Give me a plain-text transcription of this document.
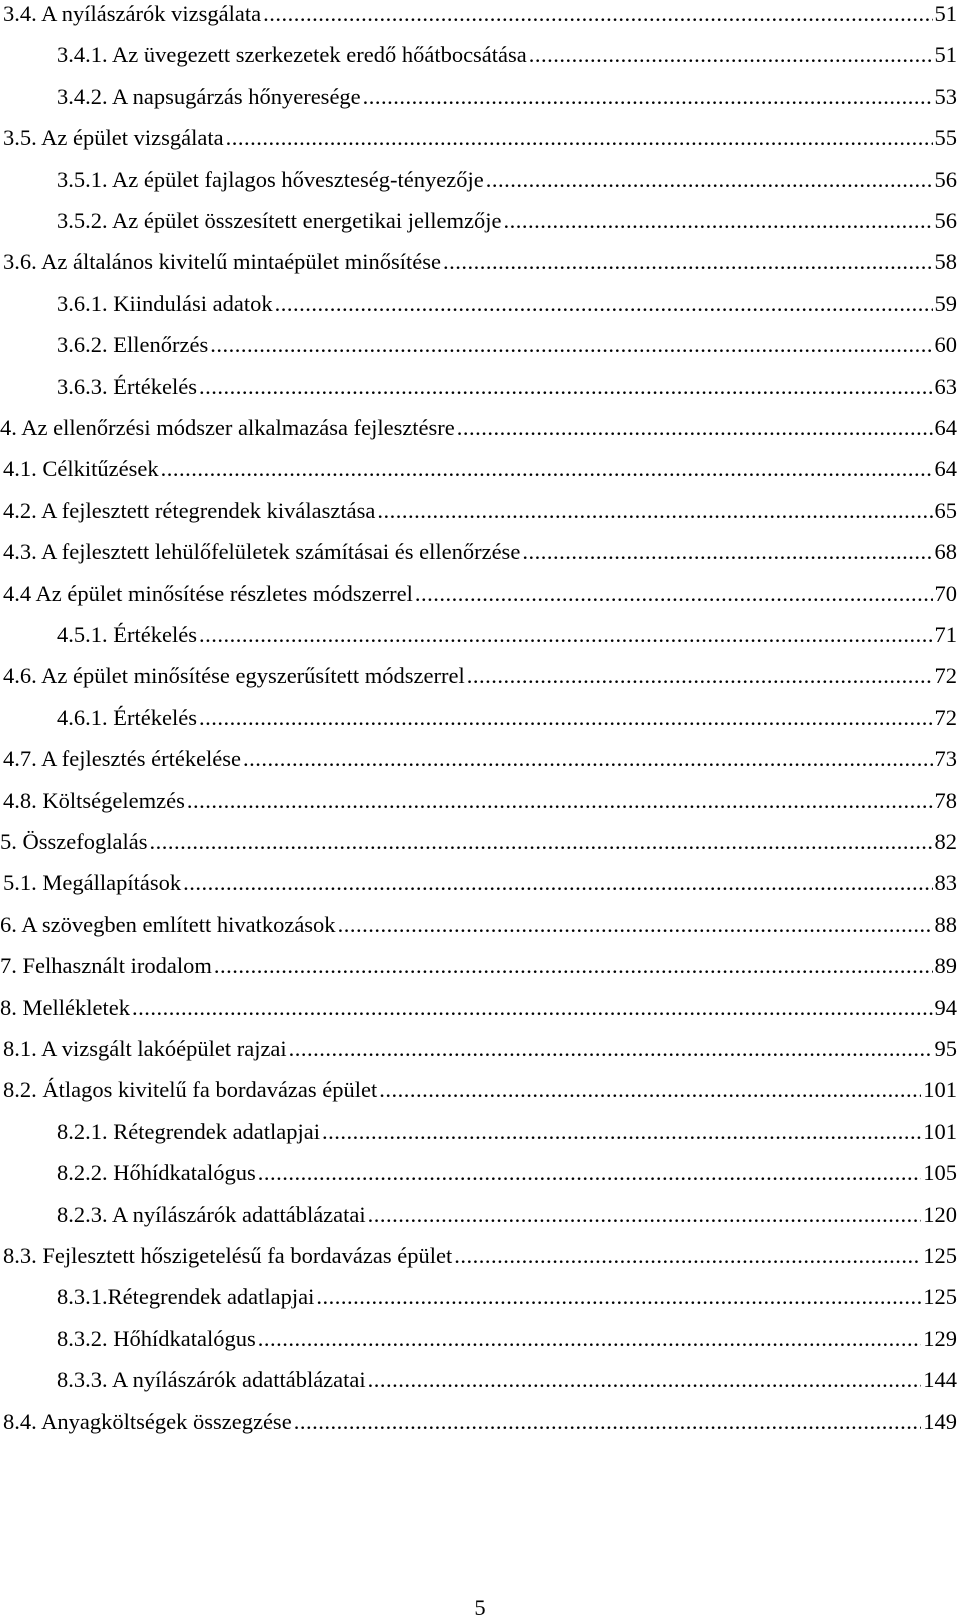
3.4. A nyílászárók vizsgálata .....	51
3.4.1. Az üvegezett szerkezetek eredő hőátbocsátása .....	51
3.4.2. A napsugárzás hőnyeresége .....	53
3.5. Az épület vizsgálata .....	55
3.5.1. Az épület fajlagos hőveszteség-tényezője .....	56
3.5.2. Az épület összesített energetikai jellemzője .....	56
3.6. Az általános kivitelű mintaépület minősítése .....	58
3.6.1. Kiindulási adatok .....	59
3.6.2. Ellenőrzés .....	60
3.6.3. Értékelés .....	63
4. Az ellenőrzési módszer alkalmazása fejlesztésre .....	64
4.1. Célkitűzések .....	64
4.2. A fejlesztett rétegrendek kiválasztása .....	65
4.3. A fejlesztett lehülőfelületek számításai és ellenőrzése .....	68
4.4 Az épület minősítése részletes módszerrel .....	70
4.5.1. Értékelés .....	71
4.6. Az épület minősítése egyszerűsített módszerrel .....	72
4.6.1. Értékelés .....	72
4.7. A fejlesztés értékelése .....	73
4.8. Költségelemzés .....	78
5. Összefoglalás .....	82
5.1. Megállapítások .....	83
6. A szövegben említett hivatkozások .....	88
7. Felhasznált irodalom .....	89
8. Mellékletek .....	94
8.1. A vizsgált lakóépület rajzai .....	95
8.2. Átlagos kivitelű fa bordavázas épület .....	101
8.2.1. Rétegrendek adatlapjai .....	101
8.2.2. Hőhídkatalógus .....	105
8.2.3. A nyílászárók adattáblázatai .....	120
8.3. Fejlesztett hőszigetelésű fa bordavázas épület .....	125
8.3.1.Rétegrendek adatlapjai .....	125
8.3.2. Hőhídkatalógus .....	129
8.3.3. A nyílászárók adattáblázatai .....	144
8.4. Anyagköltségek összegzése .....	149
5
